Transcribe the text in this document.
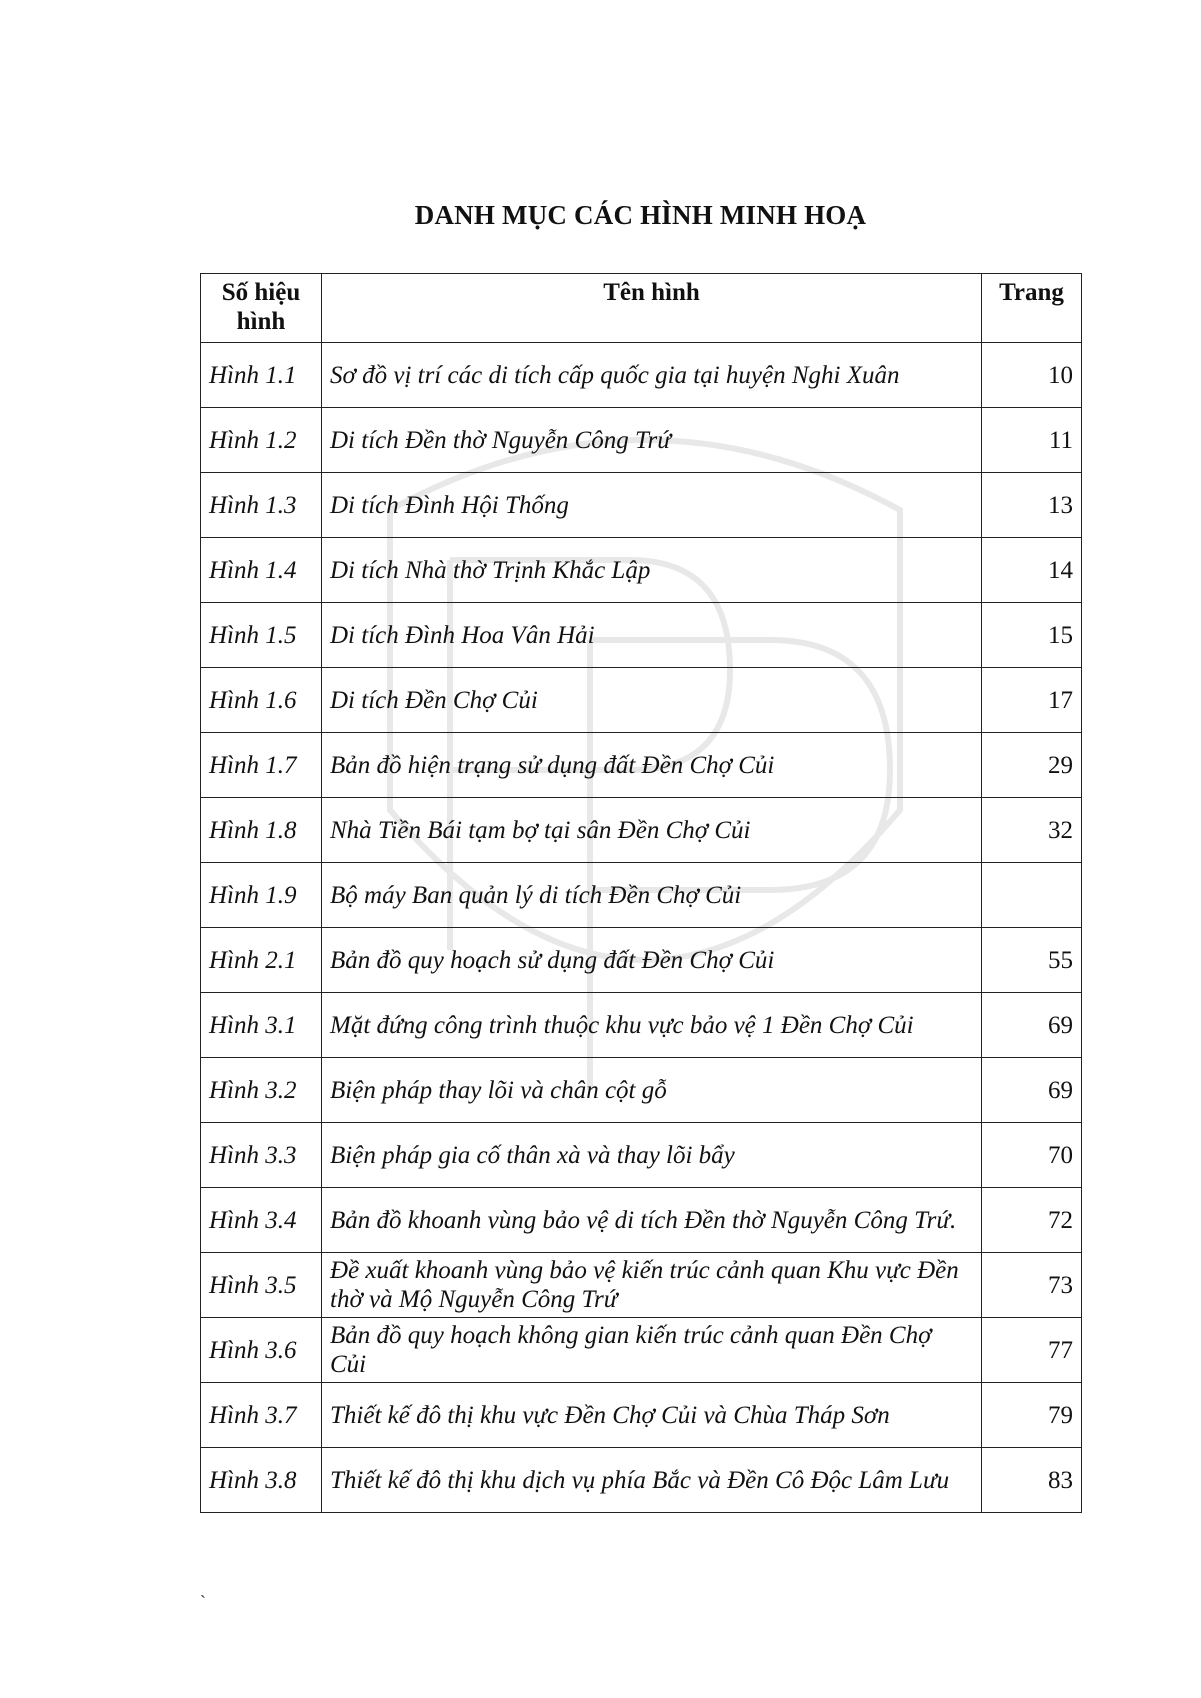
DANH MỤC CÁC HÌNH MINH HOẠ
Số hiệu hình	Tên hình	Trang
Hình 1.1	Sơ đồ vị trí các di tích cấp quốc gia tại huyện Nghi Xuân	10
Hình 1.2	Di tích Đền thờ Nguyễn Công Trứ	11
Hình 1.3	Di tích Đình Hội Thống	13
Hình 1.4	Di tích Nhà thờ Trịnh Khắc Lập	14
Hình 1.5	Di tích Đình Hoa Vân Hải	15
Hình 1.6	Di tích Đền Chợ Củi	17
Hình 1.7	Bản đồ hiện trạng sử dụng đất Đền Chợ Củi	29
Hình 1.8	Nhà Tiền Bái tạm bợ tại sân Đền Chợ Củi	32
Hình 1.9	Bộ máy Ban quản lý di tích Đền Chợ Củi	
Hình 2.1	Bản đồ quy hoạch sử dụng đất Đền Chợ Củi	55
Hình 3.1	Mặt đứng công trình thuộc khu vực bảo vệ 1 Đền Chợ Củi	69
Hình 3.2	Biện pháp thay lõi và chân cột gỗ	69
Hình 3.3	Biện pháp gia cố thân xà và thay lõi bẩy	70
Hình 3.4	Bản đồ khoanh vùng bảo vệ di tích Đền thờ Nguyễn Công Trứ.	72
Hình 3.5	Đề xuất khoanh vùng bảo vệ kiến trúc cảnh quan Khu vực Đền thờ và Mộ Nguyễn Công Trứ	73
Hình 3.6	Bản đồ quy hoạch không gian kiến trúc cảnh quan Đền Chợ Củi	77
Hình 3.7	Thiết kế đô thị khu vực Đền Chợ Củi và Chùa Tháp Sơn	79
Hình 3.8	Thiết kế đô thị khu dịch vụ phía Bắc và Đền Cô Độc Lâm Lưu	83
`
